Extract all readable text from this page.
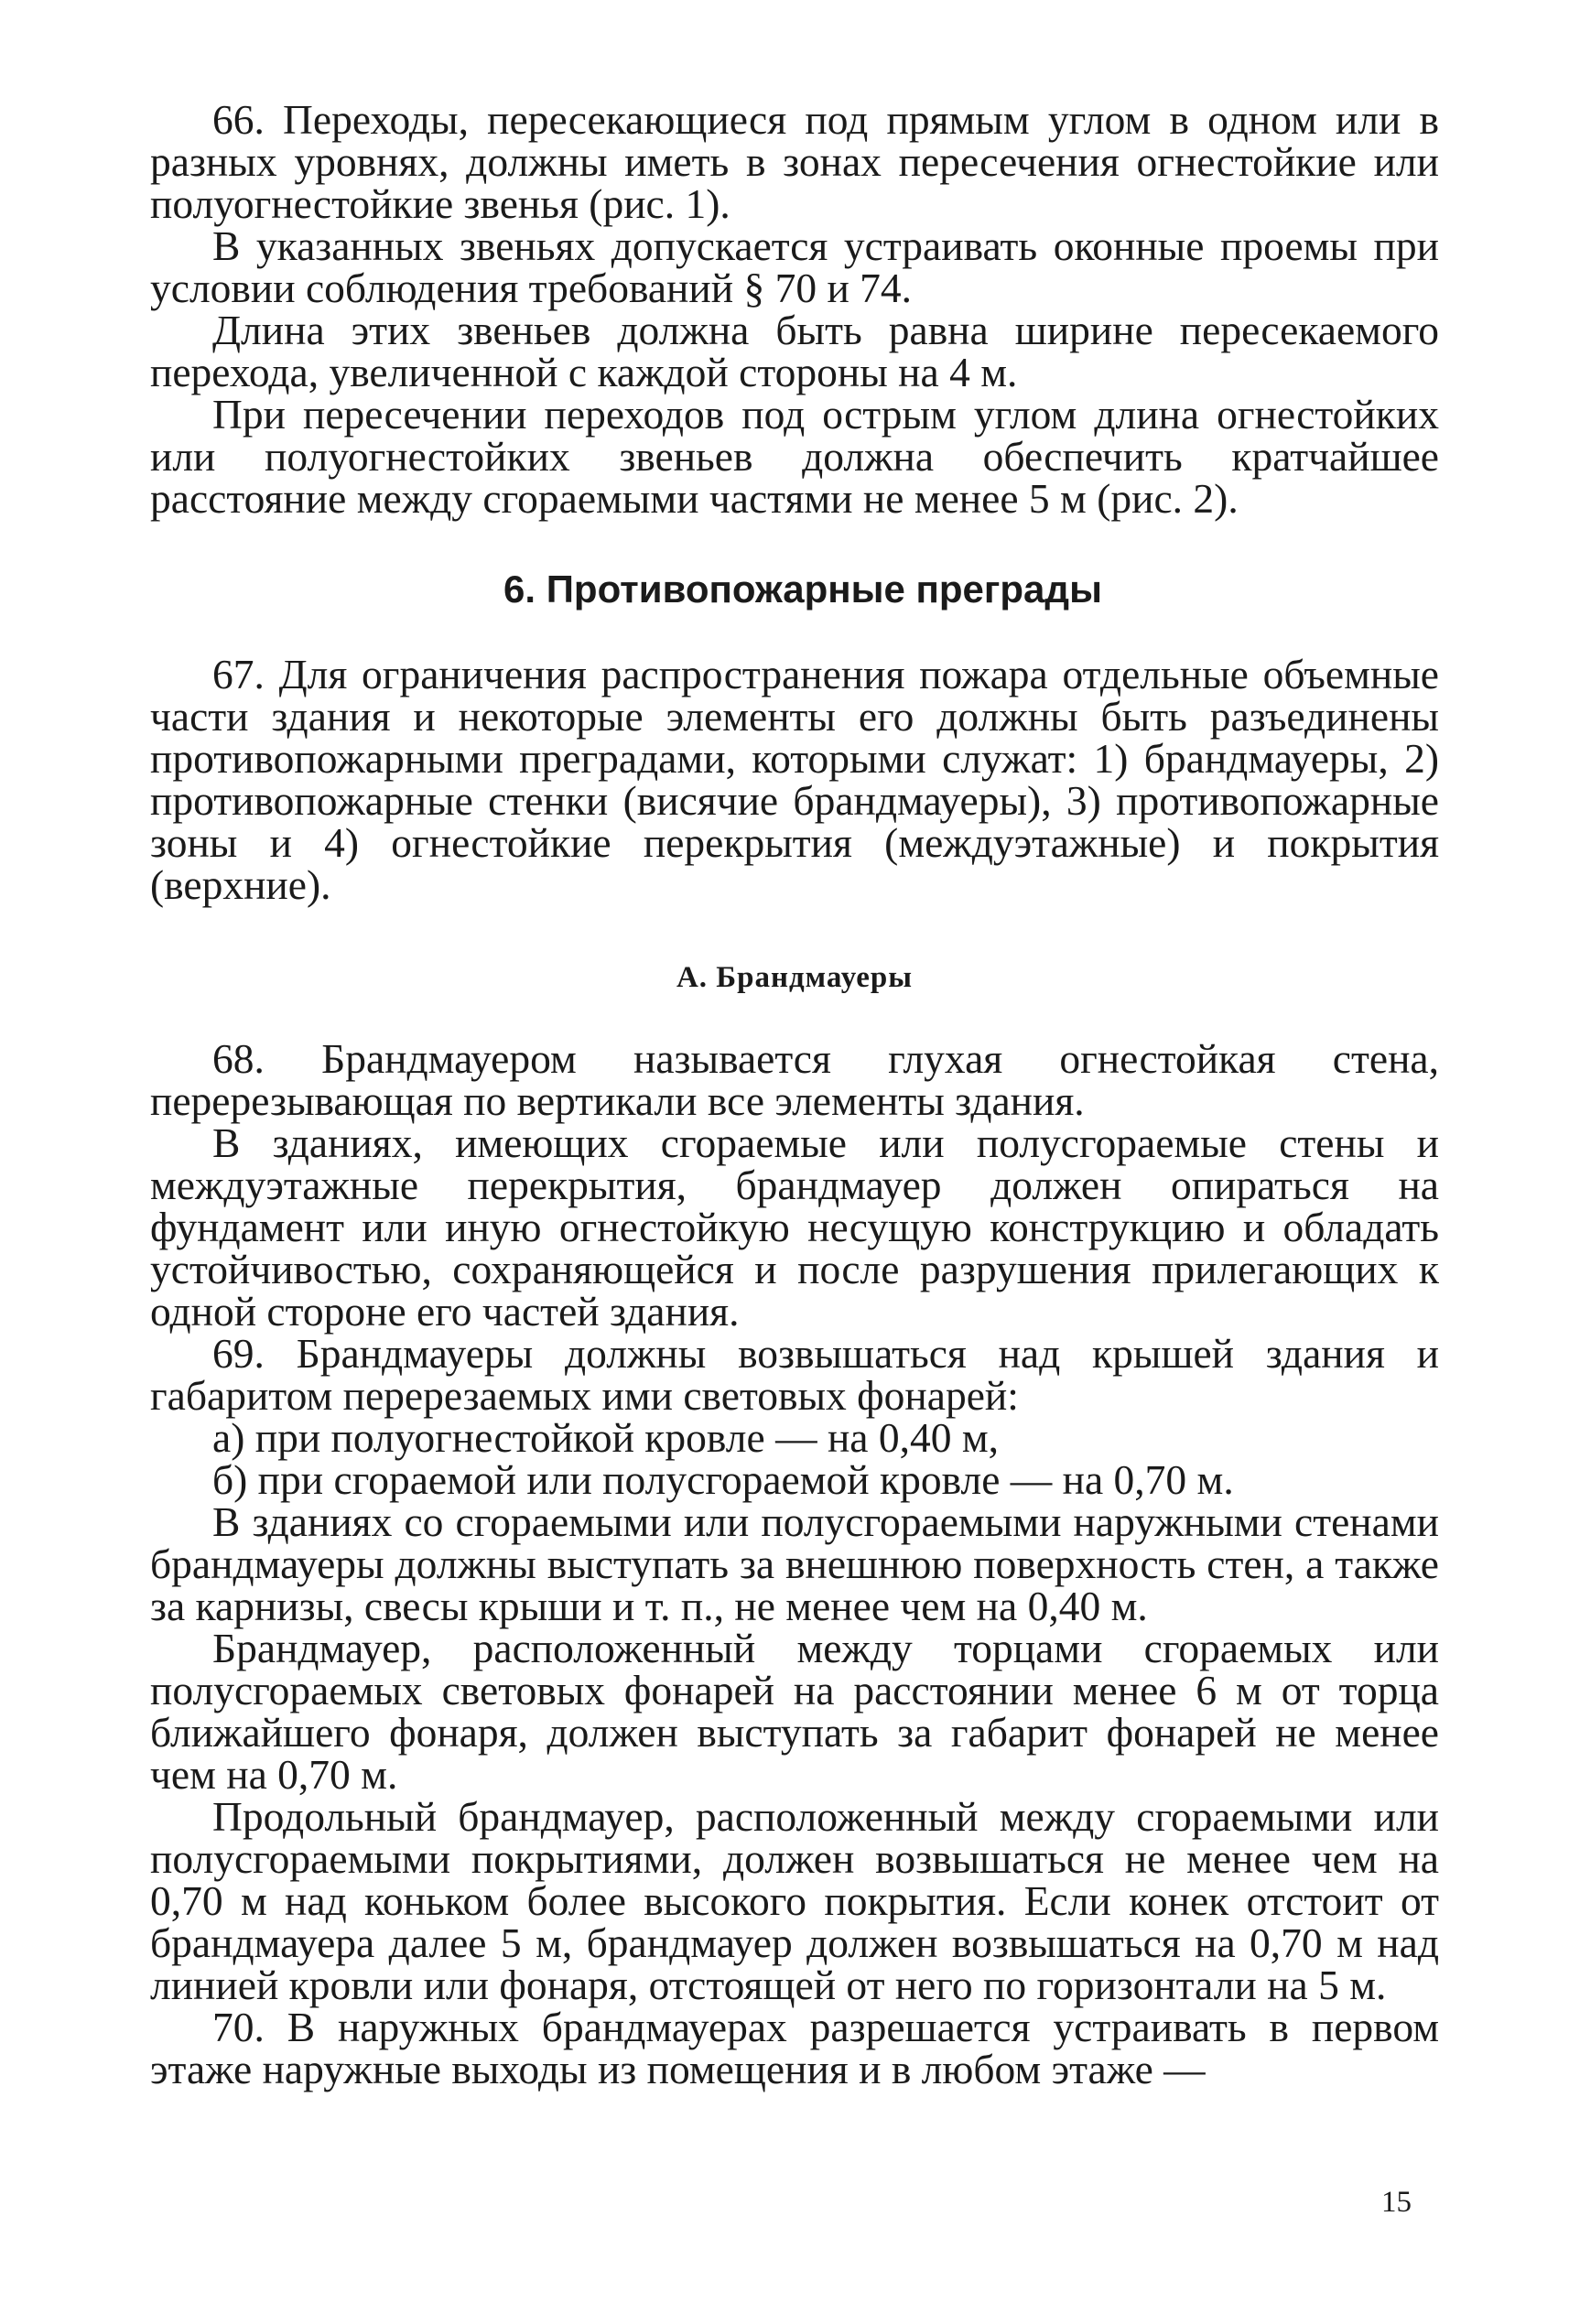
66. Переходы, пересекающиеся под прямым углом в одном или в разных уровнях, должны иметь в зонах пересечения огнестойкие или полуогнестойкие звенья (рис. 1).

В указанных звеньях допускается устраивать оконные проемы при условии соблюдения требований § 70 и 74.

Длина этих звеньев должна быть равна ширине пересекаемого перехода, увеличенной с каждой стороны на 4 м.

При пересечении переходов под острым углом длина огнестойких или полуогнестойких звеньев должна обеспечить кратчайшее расстояние между сгораемыми частями не менее 5 м (рис. 2).

6. Противопожарные преграды

67. Для ограничения распространения пожара отдельные объемные части здания и некоторые элементы его должны быть разъединены противопожарными преградами, которыми служат: 1) брандмауеры, 2) противопожарные стенки (висячие брандмауеры), 3) противопожарные зоны и 4) огнестойкие перекрытия (междуэтажные) и покрытия (верхние).

А. Брандмауеры

68. Брандмауером называется глухая огнестойкая стена, перерезывающая по вертикали все элементы здания.

В зданиях, имеющих сгораемые или полусгораемые стены и междуэтажные перекрытия, брандмауер должен опираться на фундамент или иную огнестойкую несущую конструкцию и обладать устойчивостью, сохраняющейся и после разрушения прилегающих к одной стороне его частей здания.

69. Брандмауеры должны возвышаться над крышей здания и габаритом перерезаемых ими световых фонарей:

а) при полуогнестойкой кровле — на 0,40 м,

б) при сгораемой или полусгораемой кровле — на 0,70 м.

В зданиях со сгораемыми или полусгораемыми наружными стенами брандмауеры должны выступать за внешнюю поверхность стен, а также за карнизы, свесы крыши и т. п., не менее чем на 0,40 м.

Брандмауер, расположенный между торцами сгораемых или полусгораемых световых фонарей на расстоянии менее 6 м от торца ближайшего фонаря, должен выступать за габарит фонарей не менее чем на 0,70 м.

Продольный брандмауер, расположенный между сгораемыми или полусгораемыми покрытиями, должен возвышаться не менее чем на 0,70 м над коньком более высокого покрытия. Если конек отстоит от брандмауера далее 5 м, брандмауер должен возвышаться на 0,70 м над линией кровли или фонаря, отстоящей от него по горизонтали на 5 м.

70. В наружных брандмауерах разрешается устраивать в первом этаже наружные выходы из помещения и в любом этаже —

15
